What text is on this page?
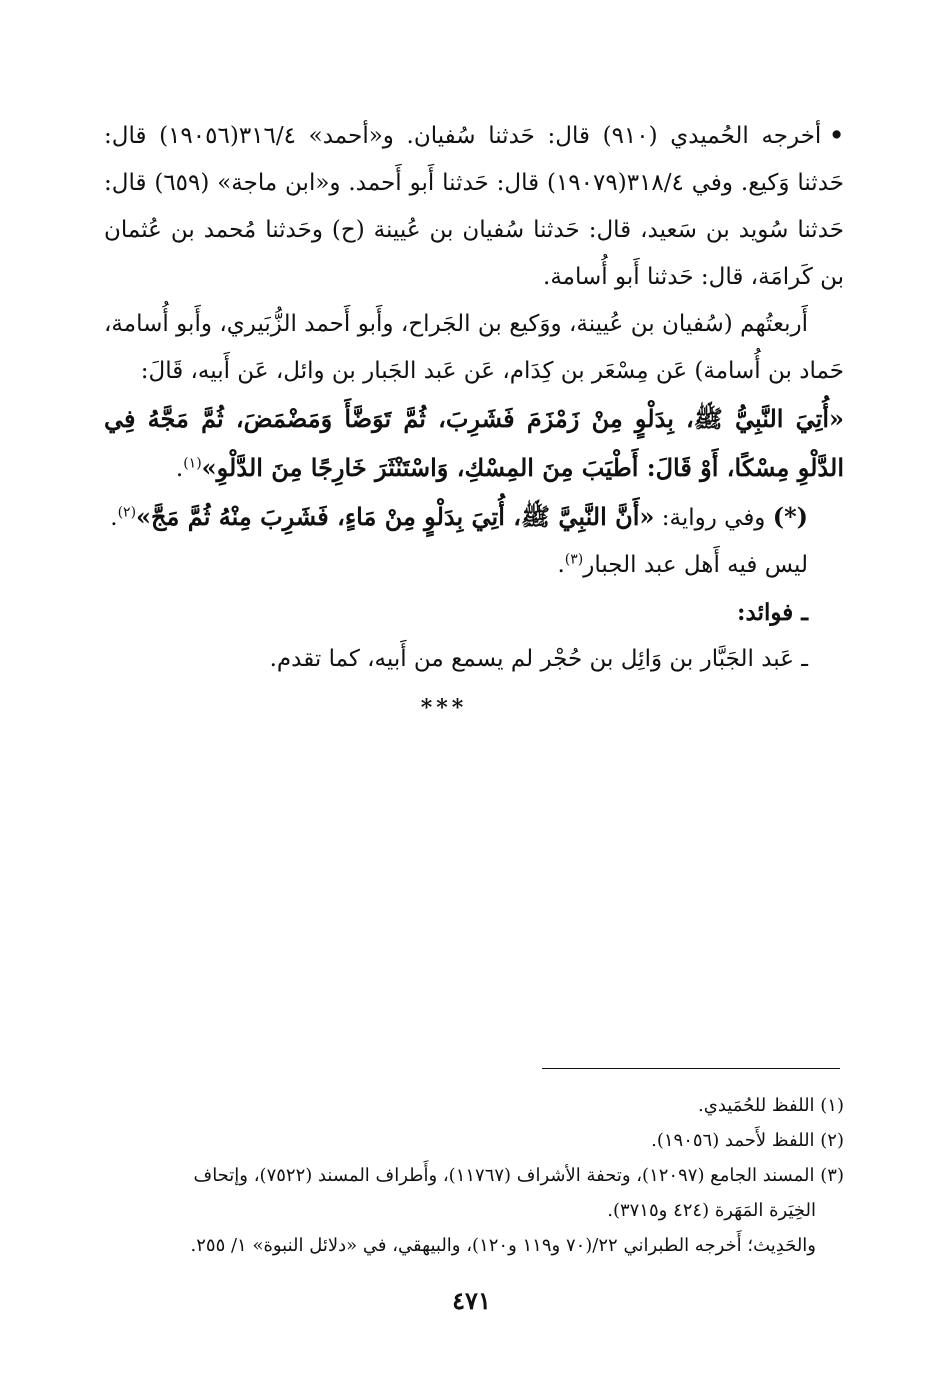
•أخرجه الحُميدي (٩١٠) قال: حَدثنا سُفيان. و«أحمد» ٣١٦/٤(١٩٠٥٦) قال: حَدثنا وَكيع. وفي ٣١٨/٤(١٩٠٧٩) قال: حَدثنا أَبو أَحمد. و«ابن ماجة» (٦٥٩) قال: حَدثنا سُويد بن سَعيد، قال: حَدثنا سُفيان بن عُيينة (ح) وحَدثنا مُحمد بن عُثمان بن كَرامَة، قال: حَدثنا أَبو أُسامة.

أَربعتُهم (سُفيان بن عُيينة، ووَكيع بن الجَراح، وأَبو أَحمد الزُّبَيري، وأَبو أُسامة، حَماد بن أُسامة) عَن مِسْعَر بن كِدَام، عَن عَبد الجَبار بن وائل، عَن أَبيه، قَالَ:

«أُتِيَ النَّبِيُّ ﷺ، بِدَلْوٍ مِنْ زَمْزَمَ فَشَرِبَ، ثُمَّ تَوَضَّأَ وَمَضْمَضَ، ثُمَّ مَجَّهُ فِي الدَّلْوِ مِسْكًا، أَوْ قَالَ: أَطْيَبَ مِنَ المِسْكِ، وَاسْتَنْثَرَ خَارِجًا مِنَ الدَّلْوِ»$^{(١)}$.

(*) وفي رواية: «أَنَّ النَّبِيَّ ﷺ، أُتِيَ بِدَلْوٍ مِنْ مَاءٍ، فَشَرِبَ مِنْهُ ثُمَّ مَجَّ»$^{(٢)}$.

ليس فيه أَهل عبد الجبار$^{(٣)}$.

ـ فوائد:

ـ عَبد الجَبَّار بن وَائِل بن حُجْر لم يسمع من أَبيه، كما تقدم.

***

(١) اللفظ للحُمَيدي.

(٢) اللفظ لأَحمد (١٩٠٥٦).

(٣) المسند الجامع (١٢٠٩٧)، وتحفة الأشراف (١١٧٦٧)، وأَطراف المسند (٧٥٢٢)، وإتحاف

الخِيَرة المَهَرة (٤٢٤ و٣٧١٥).

والحَدِيث؛ أَخرجه الطبراني ٢٢/(٧٠ و١١٩ و١٢٠)، والبيهقي، في «دلائل النبوة» ١/ ٢٥٥.

٤٧١
